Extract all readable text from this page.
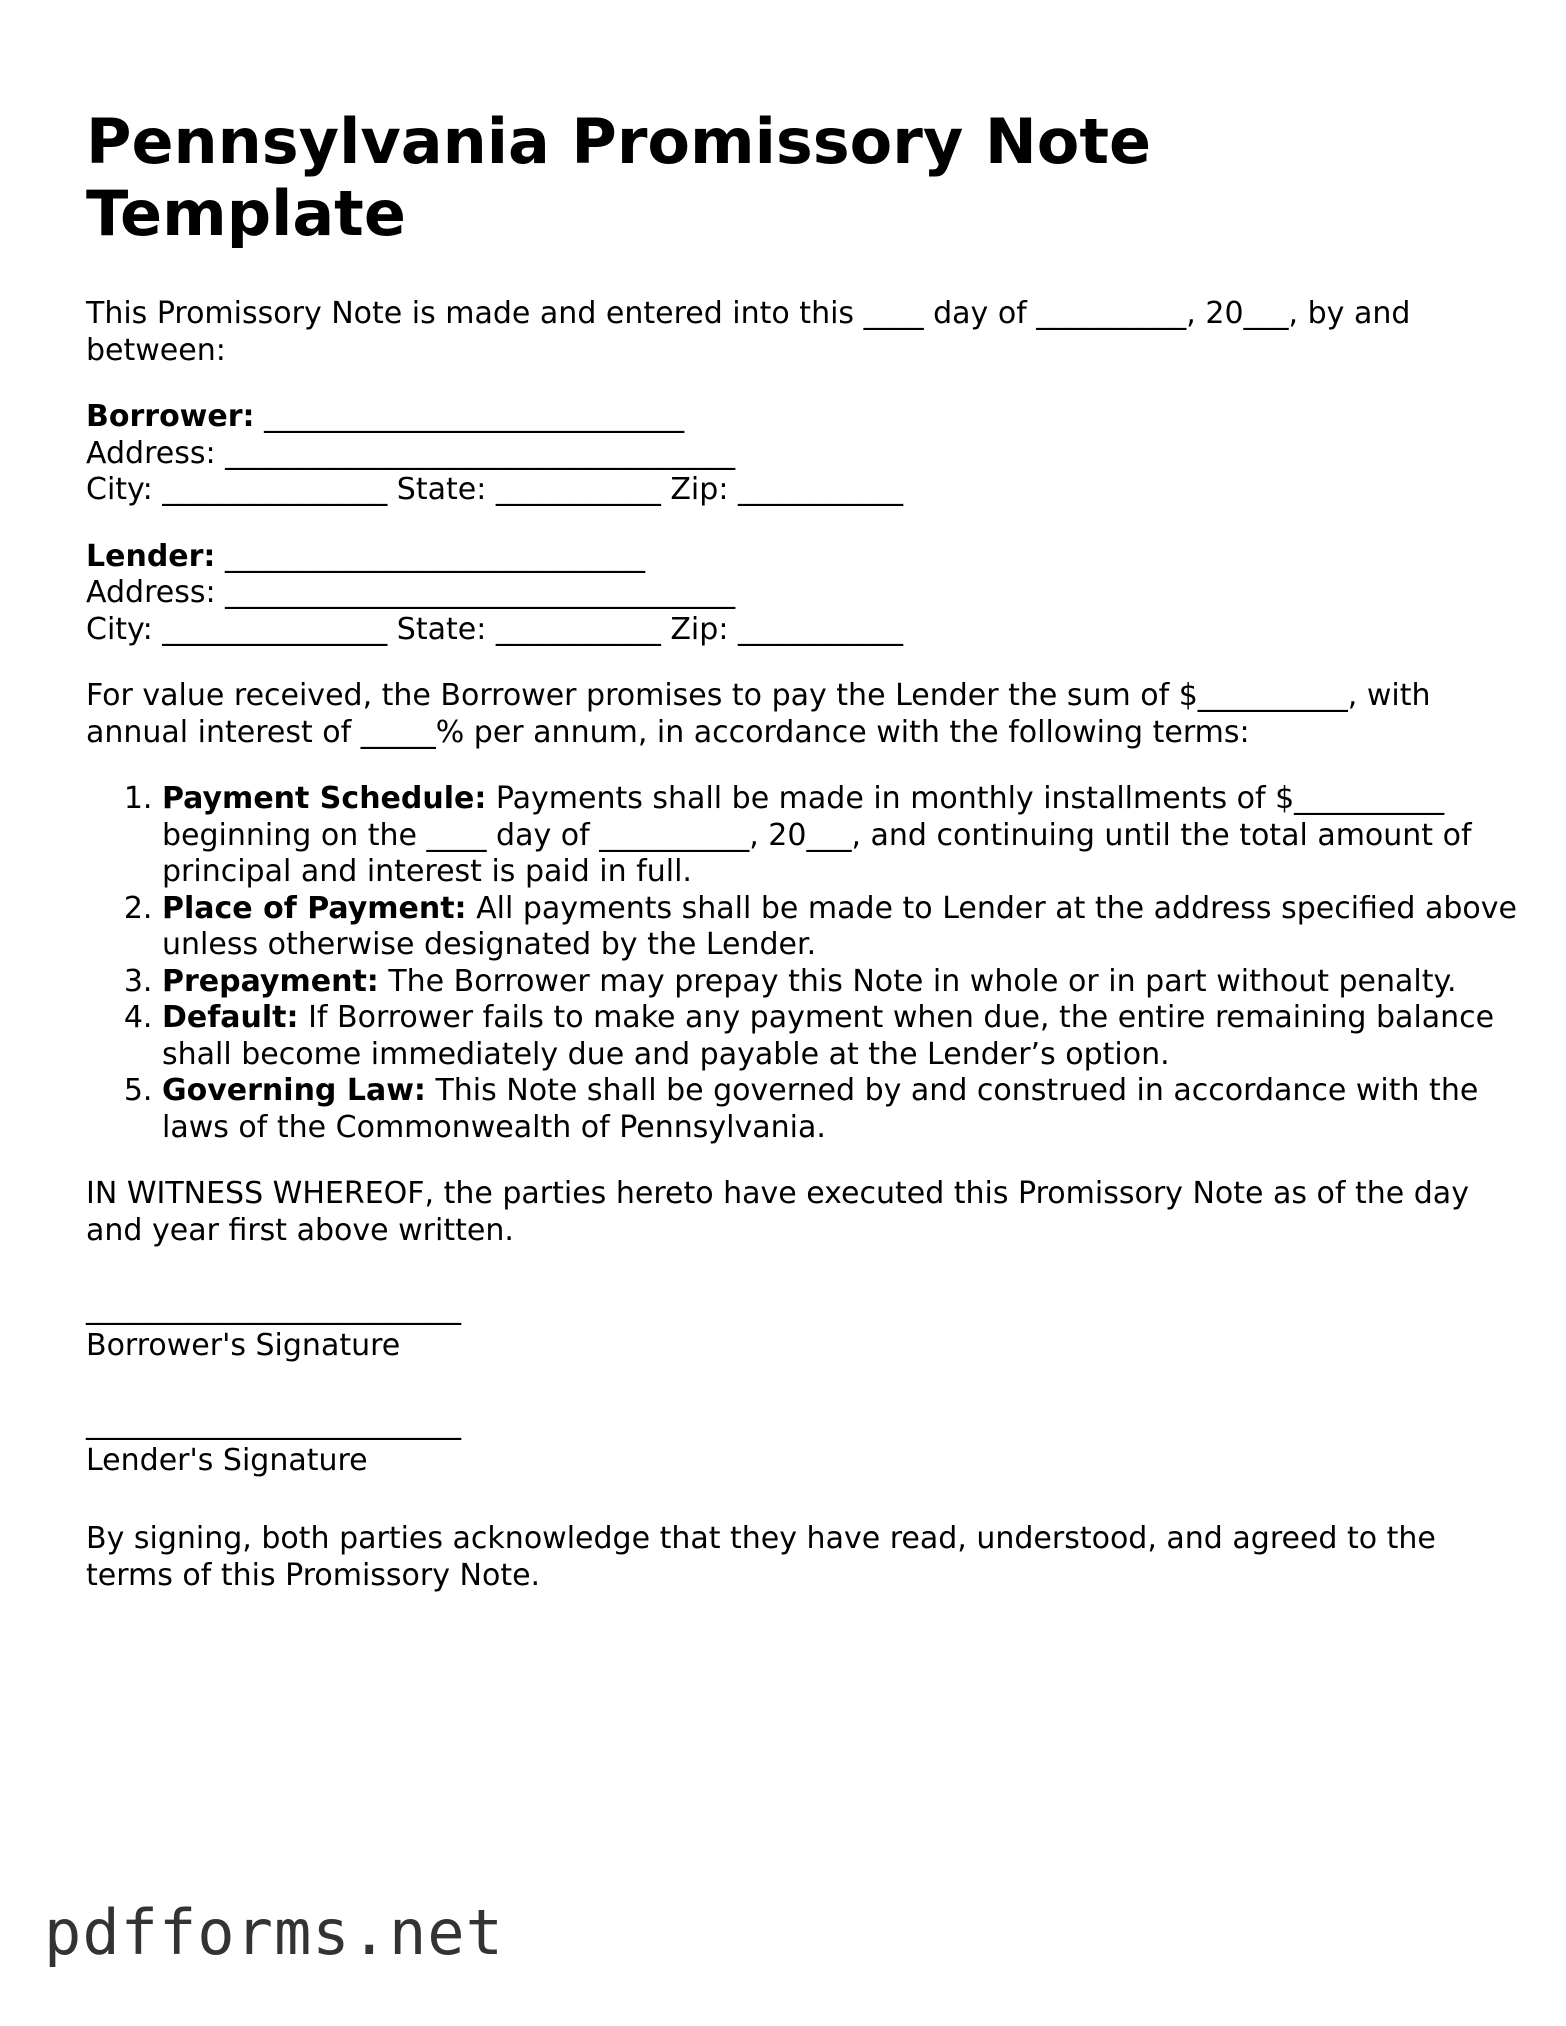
Pennsylvania Promissory Note Template

This Promissory Note is made and entered into this ____ day of __________, 20___, by and between:

Borrower: ____________________________
Address: __________________________________
City: _______________ State: ___________ Zip: ___________
Lender: ____________________________
Address: __________________________________
City: _______________ State: ___________ Zip: ___________

For value received, the Borrower promises to pay the Lender the sum of $__________, with annual interest of _____% per annum, in accordance with the following terms:

1. Payment Schedule: Payments shall be made in monthly installments of $__________ beginning on the ____ day of __________, 20___, and continuing until the total amount of principal and interest is paid in full.
2. Place of Payment: All payments shall be made to Lender at the address specified above unless otherwise designated by the Lender.
3. Prepayment: The Borrower may prepay this Note in whole or in part without penalty.
4. Default: If Borrower fails to make any payment when due, the entire remaining balance shall become immediately due and payable at the Lender’s option.
5. Governing Law: This Note shall be governed by and construed in accordance with the laws of the Commonwealth of Pennsylvania.

IN WITNESS WHEREOF, the parties hereto have executed this Promissory Note as of the day and year first above written.

_________________________
Borrower's Signature
_________________________
Lender's Signature

By signing, both parties acknowledge that they have read, understood, and agreed to the terms of this Promissory Note.

pdfforms.net
